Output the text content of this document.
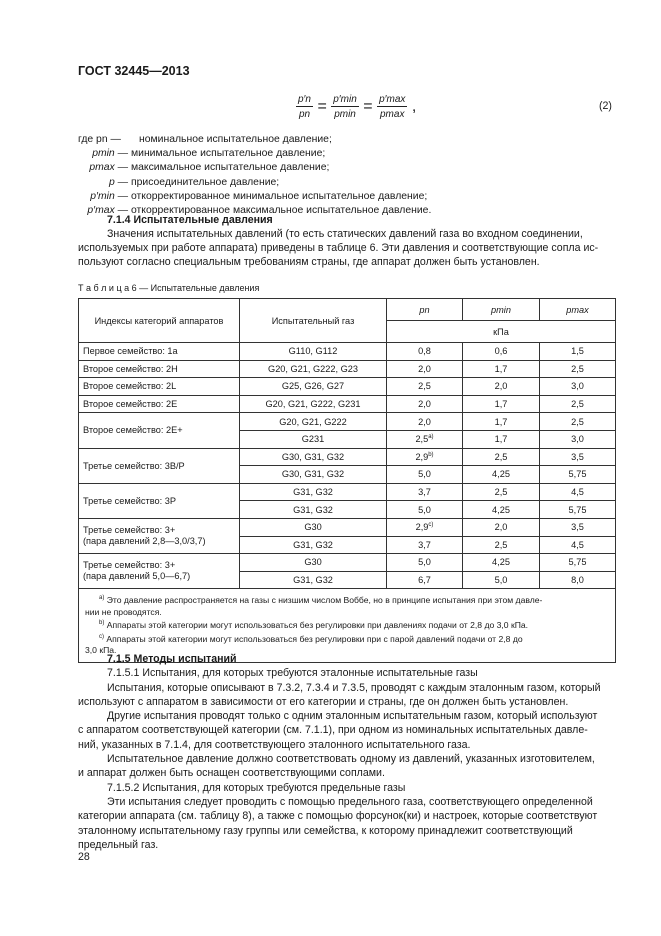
ГОСТ 32445—2013
$\frac{p'n}{pn} = \frac{p'\min}{pmin} = \frac{p'\max}{pmax}$ ,	(2)
где pn —	номинальное испытательное давление;
pmin — минимальное испытательное давление;
pmax — максимальное испытательное давление;
p — присоединительное давление;
p′min — откорректированное минимальное испытательное давление;
p′max — откорректированное максимальное испытательное давление.
7.1.4 Испытательные давления
Значения испытательных давлений (то есть статических давлений газа во входном соединении,
используемых при работе аппарата) приведены в таблице 6. Эти давления и соответствующие сопла ис-
пользуют согласно специальным требованиям страны, где аппарат должен быть установлен.
Т а б л и ц а 6 — Испытательные давления
Индексы категорий аппаратов	Испытательный газ	pn	pmin	pmax
		кПа		
Первое семейство: 1а	G110, G112	0,8	0,6	1,5
Второе семейство: 2Н	G20, G21, G222, G23	2,0	1,7	2,5
Второе семейство: 2L	G25, G26, G27	2,5	2,0	3,0
Второе семейство: 2Е	G20, G21, G222, G231	2,0	1,7	2,5
Второе семейство: 2Е+	G20, G21, G222	2,0	1,7	2,5
	G231	2,5$^{a)}$	1,7	3,0
Третье семейство: 3В/Р	G30, G31, G32	2,9$^{b)}$	2,5	3,5
	G30, G31, G32	5,0	4,25	5,75
Третье семейство: 3Р	G31, G32	3,7	2,5	4,5
	G31, G32	5,0	4,25	5,75

Третье семейство: 3+
(пара давлений 2,8—3,0/3,7)	G30	2,9$^{c)}$	2,0	3,5
	G31, G32	3,7	2,5	4,5

Третье семейство: 3+
(пара давлений 5,0—6,7)	G30	5,0	4,25	5,75
	G31, G32	6,7	5,0	8,0

$^{a)}$ Это давление распространяется на газы с низшим числом Воббе, но в принципе испытания при этом давле-
нии не проводятся.
$^{b)}$ Аппараты этой категории могут использоваться без регулировки при давлениях подачи от 2,8 до 3,0 кПа.
$^{c)}$ Аппараты этой категории могут использоваться без регулировки при с парой давлений подачи от 2,8 до
3,0 кПа.				
7.1.5 Методы испытаний
7.1.5.1 Испытания, для которых требуются эталонные испытательные газы
Испытания, которые описывают в 7.3.2, 7.3.4 и 7.3.5, проводят с каждым эталонным газом, который
используют с аппаратом в зависимости от его категории и страны, где он должен быть установлен.
Другие испытания проводят только с одним эталонным испытательным газом, который используют
с аппаратом соответствующей категории (см. 7.1.1), при одном из номинальных испытательных давле-
ний, указанных в 7.1.4, для соответствующего эталонного испытательного газа.
Испытательное давление должно соответствовать одному из давлений, указанных изготовителем,
и аппарат должен быть оснащен соответствующими соплами.
7.1.5.2 Испытания, для которых требуются предельные газы
Эти испытания следует проводить с помощью предельного газа, соответствующего определенной
категории аппарата (см. таблицу 8), а также с помощью форсунок(ки) и настроек, которые соответствуют
эталонному испытательному газу группы или семейства, к которому принадлежит соответствующий
предельный газ.
28
